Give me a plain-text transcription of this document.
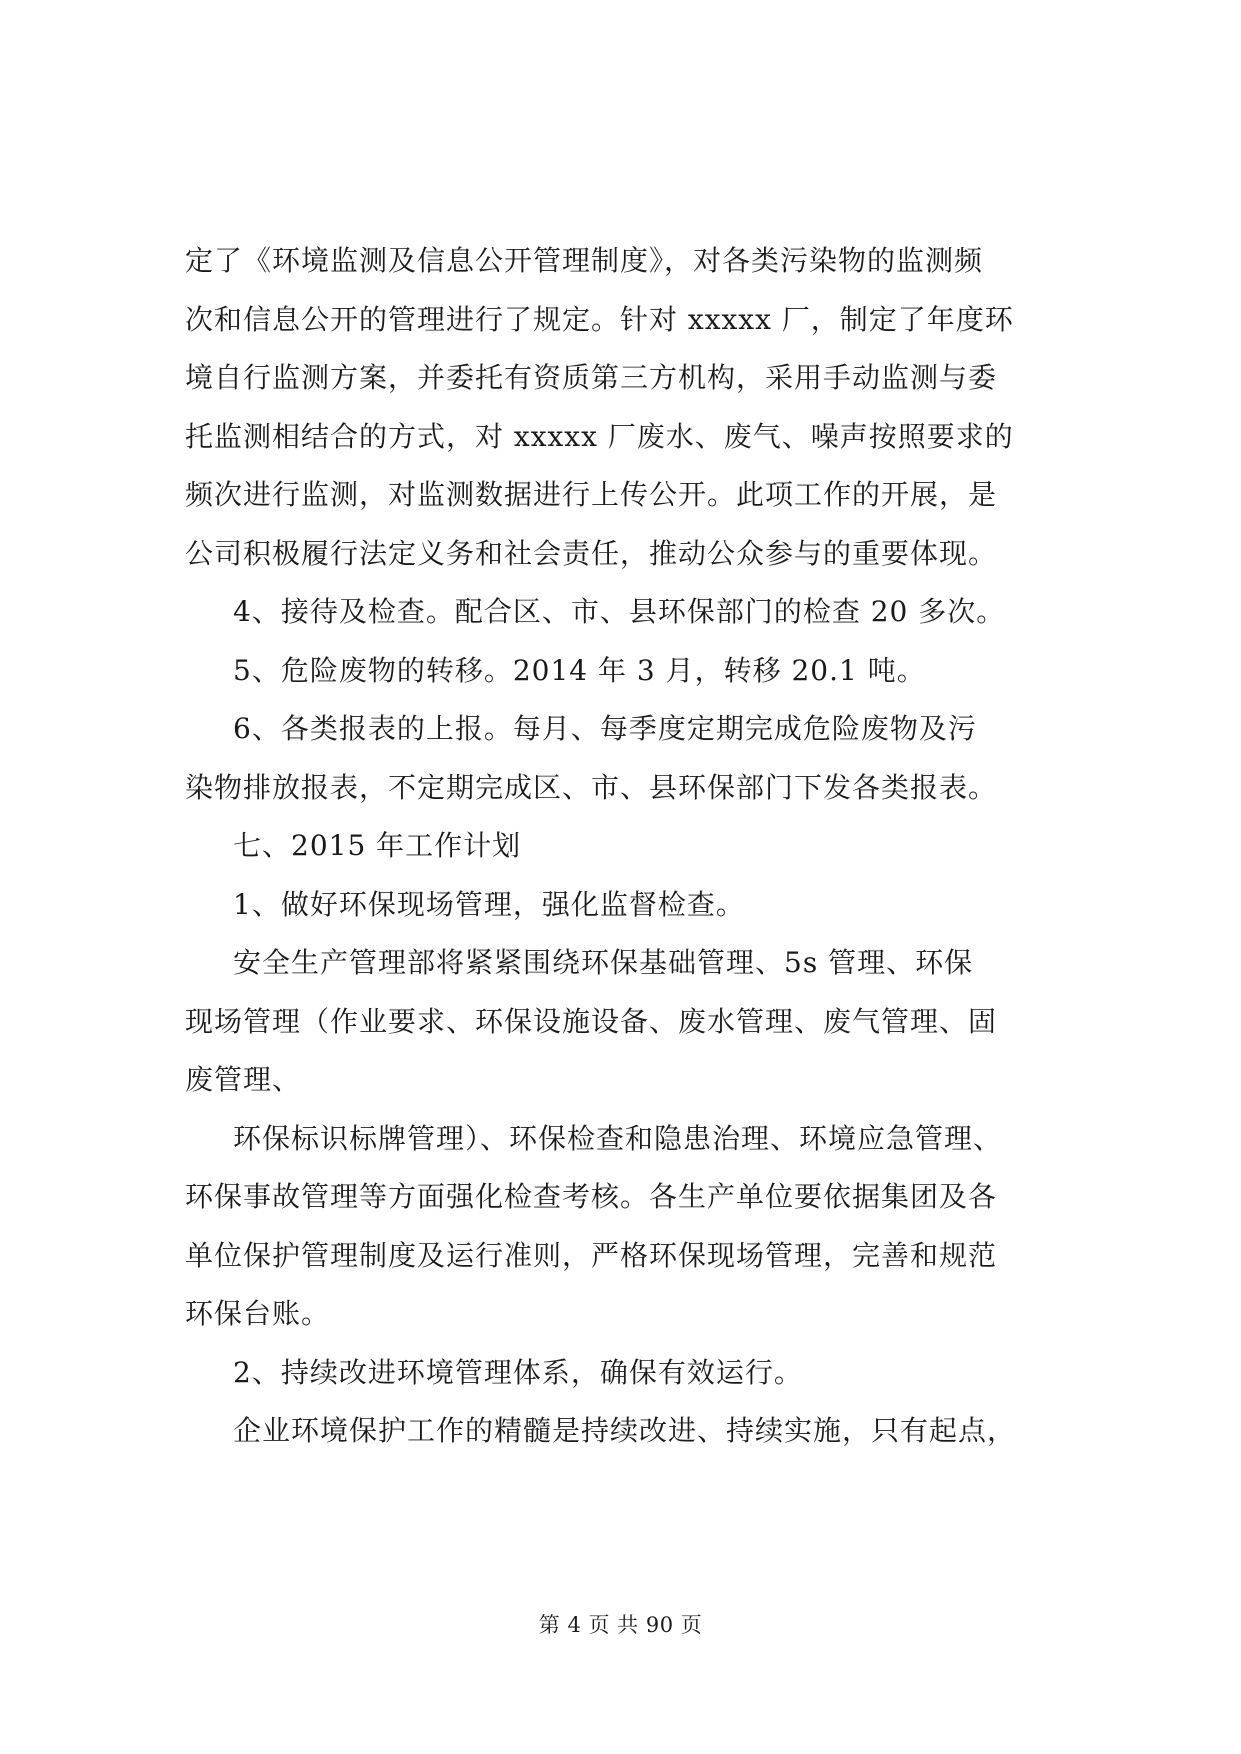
定了《环境监测及信息公开管理制度》，对各类污染物的监测频
次和信息公开的管理进行了规定。针对 xxxxx 厂，制定了年度环
境自行监测方案，并委托有资质第三方机构，采用手动监测与委
托监测相结合的方式，对 xxxxx 厂废水、废气、噪声按照要求的
频次进行监测，对监测数据进行上传公开。此项工作的开展，是
公司积极履行法定义务和社会责任，推动公众参与的重要体现。
4、接待及检查。配合区、市、县环保部门的检查 20 多次。
5、危险废物的转移。2014 年 3 月，转移 20.1 吨。
6、各类报表的上报。每月、每季度定期完成危险废物及污
染物排放报表，不定期完成区、市、县环保部门下发各类报表。
七、2015 年工作计划
1、做好环保现场管理，强化监督检查。
安全生产管理部将紧紧围绕环保基础管理、5s 管理、环保
现场管理（作业要求、环保设施设备、废水管理、废气管理、固
废管理、
环保标识标牌管理）、环保检查和隐患治理、环境应急管理、
环保事故管理等方面强化检查考核。各生产单位要依据集团及各
单位保护管理制度及运行准则，严格环保现场管理，完善和规范
环保台账。
2、持续改进环境管理体系，确保有效运行。
企业环境保护工作的精髓是持续改进、持续实施，只有起点，
第 4 页 共 90 页
